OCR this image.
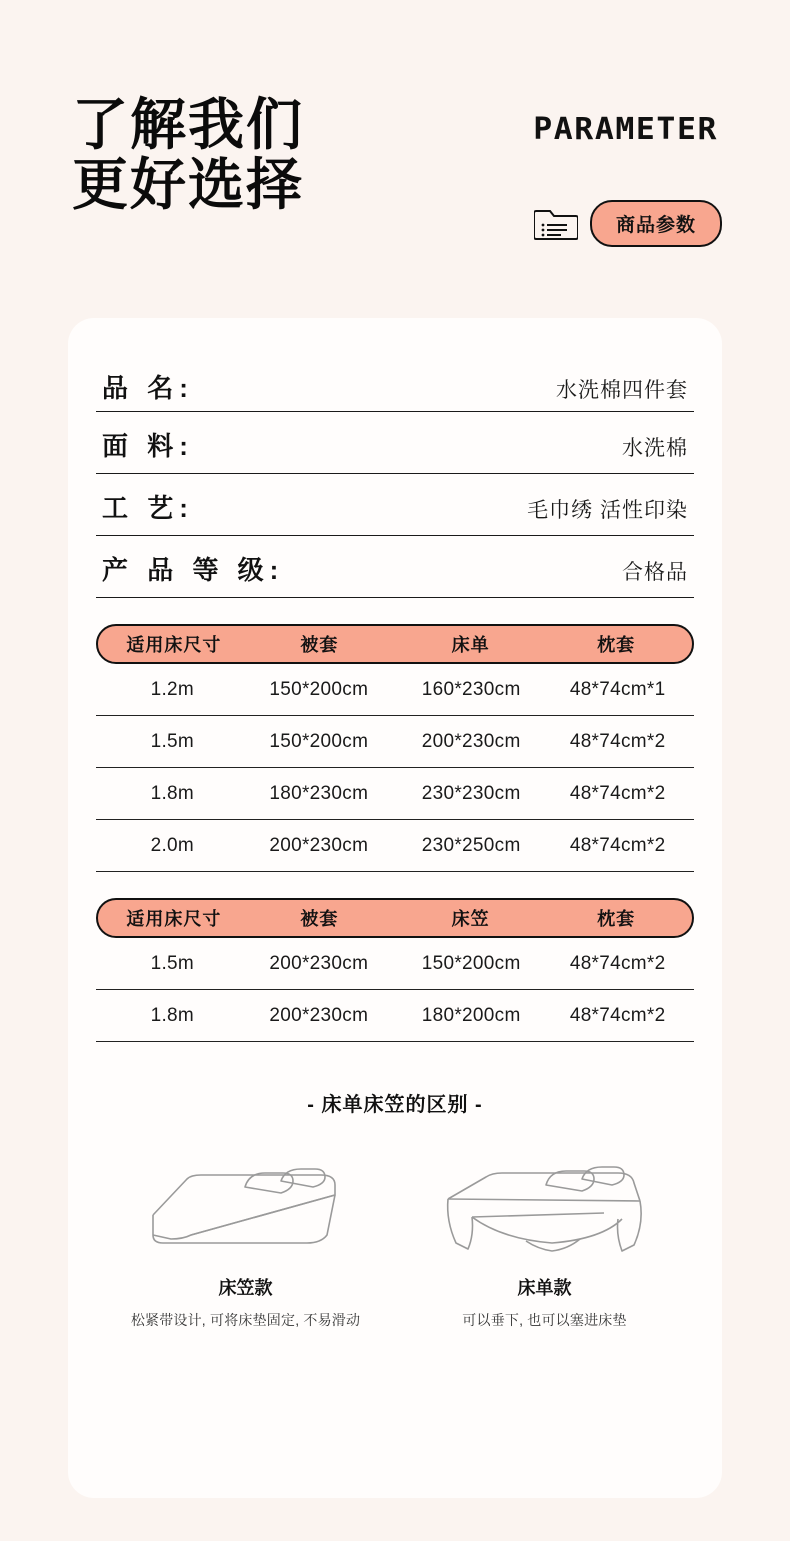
了解我们
更好选择
PARAMETER
商品参数
品 名:	水洗棉四件套
面 料:	水洗棉
工 艺:	毛巾绣 活性印染
产 品 等 级:	合格品
适用床尺寸	被套	床单	枕套
1.2m	150*200cm	160*230cm	48*74cm*1
1.5m	150*200cm	200*230cm	48*74cm*2
1.8m	180*230cm	230*230cm	48*74cm*2
2.0m	200*230cm	230*250cm	48*74cm*2
适用床尺寸	被套	床笠	枕套
1.5m	200*230cm	150*200cm	48*74cm*2
1.8m	200*230cm	180*200cm	48*74cm*2
- 床单床笠的区别 -
床笠款
松紧带设计, 可将床垫固定, 不易滑动
床单款
可以垂下, 也可以塞进床垫
